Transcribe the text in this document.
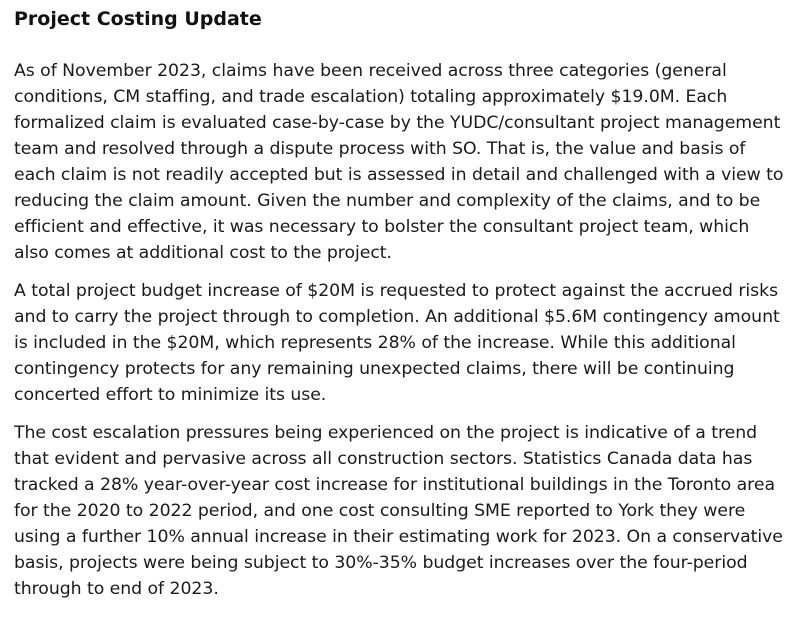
Project Costing Update

As of November 2023, claims have been received across three categories (general conditions, CM staffing, and trade escalation) totaling approximately $19.0M. Each formalized claim is evaluated case-by-case by the YUDC/consultant project management team and resolved through a dispute process with SO. That is, the value and basis of each claim is not readily accepted but is assessed in detail and challenged with a view to reducing the claim amount. Given the number and complexity of the claims, and to be efficient and effective, it was necessary to bolster the consultant project team, which also comes at additional cost to the project.

A total project budget increase of $20M is requested to protect against the accrued risks and to carry the project through to completion. An additional $5.6M contingency amount is included in the $20M, which represents 28% of the increase. While this additional contingency protects for any remaining unexpected claims, there will be continuing concerted effort to minimize its use.

The cost escalation pressures being experienced on the project is indicative of a trend that evident and pervasive across all construction sectors. Statistics Canada data has tracked a 28% year-over-year cost increase for institutional buildings in the Toronto area for the 2020 to 2022 period, and one cost consulting SME reported to York they were using a further 10% annual increase in their estimating work for 2023. On a conservative basis, projects were being subject to 30%-35% budget increases over the four-period through to end of 2023.
